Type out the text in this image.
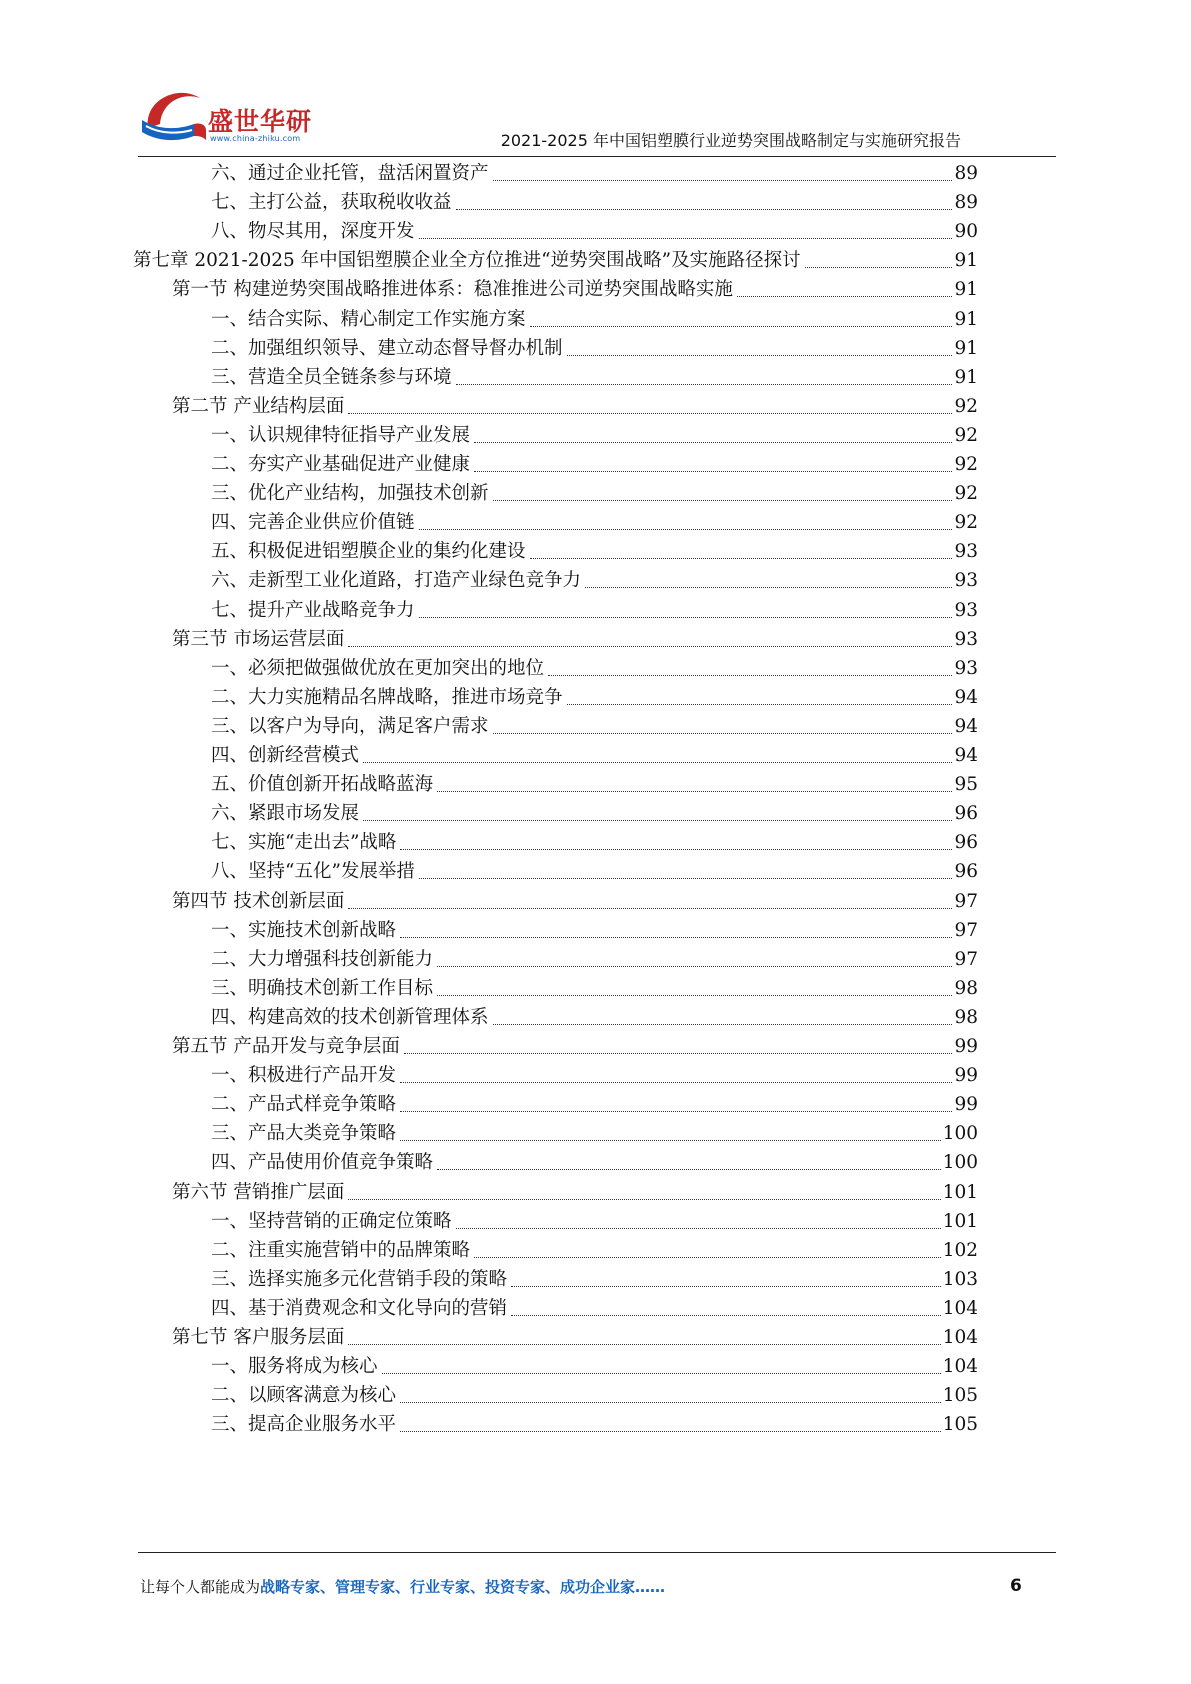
盛世华研
www.china-zhiku.com	2021-2025 年中国铝塑膜行业逆势突围战略制定与实施研究报告
六、通过企业托管，盘活闲置资产	89
七、主打公益，获取税收收益	89
八、物尽其用，深度开发	90
第七章 2021-2025 年中国铝塑膜企业全方位推进“逆势突围战略”及实施路径探讨	91
第一节 构建逆势突围战略推进体系：稳准推进公司逆势突围战略实施	91
一、结合实际、精心制定工作实施方案	91
二、加强组织领导、建立动态督导督办机制	91
三、营造全员全链条参与环境	91
第二节 产业结构层面	92
一、认识规律特征指导产业发展	92
二、夯实产业基础促进产业健康	92
三、优化产业结构，加强技术创新	92
四、完善企业供应价值链	92
五、积极促进铝塑膜企业的集约化建设	93
六、走新型工业化道路，打造产业绿色竞争力	93
七、提升产业战略竞争力	93
第三节 市场运营层面	93
一、必须把做强做优放在更加突出的地位	93
二、大力实施精品名牌战略，推进市场竞争	94
三、以客户为导向，满足客户需求	94
四、创新经营模式	94
五、价值创新开拓战略蓝海	95
六、紧跟市场发展	96
七、实施“走出去”战略	96
八、坚持“五化”发展举措	96
第四节 技术创新层面	97
一、实施技术创新战略	97
二、大力增强科技创新能力	97
三、明确技术创新工作目标	98
四、构建高效的技术创新管理体系	98
第五节 产品开发与竞争层面	99
一、积极进行产品开发	99
二、产品式样竞争策略	99
三、产品大类竞争策略	100
四、产品使用价值竞争策略	100
第六节 营销推广层面	101
一、坚持营销的正确定位策略	101
二、注重实施营销中的品牌策略	102
三、选择实施多元化营销手段的策略	103
四、基于消费观念和文化导向的营销	104
第七节 客户服务层面	104
一、服务将成为核心	104
二、以顾客满意为核心	105
三、提高企业服务水平	105
让每个人都能成为战略专家、管理专家、行业专家、投资专家、成功企业家……	6
